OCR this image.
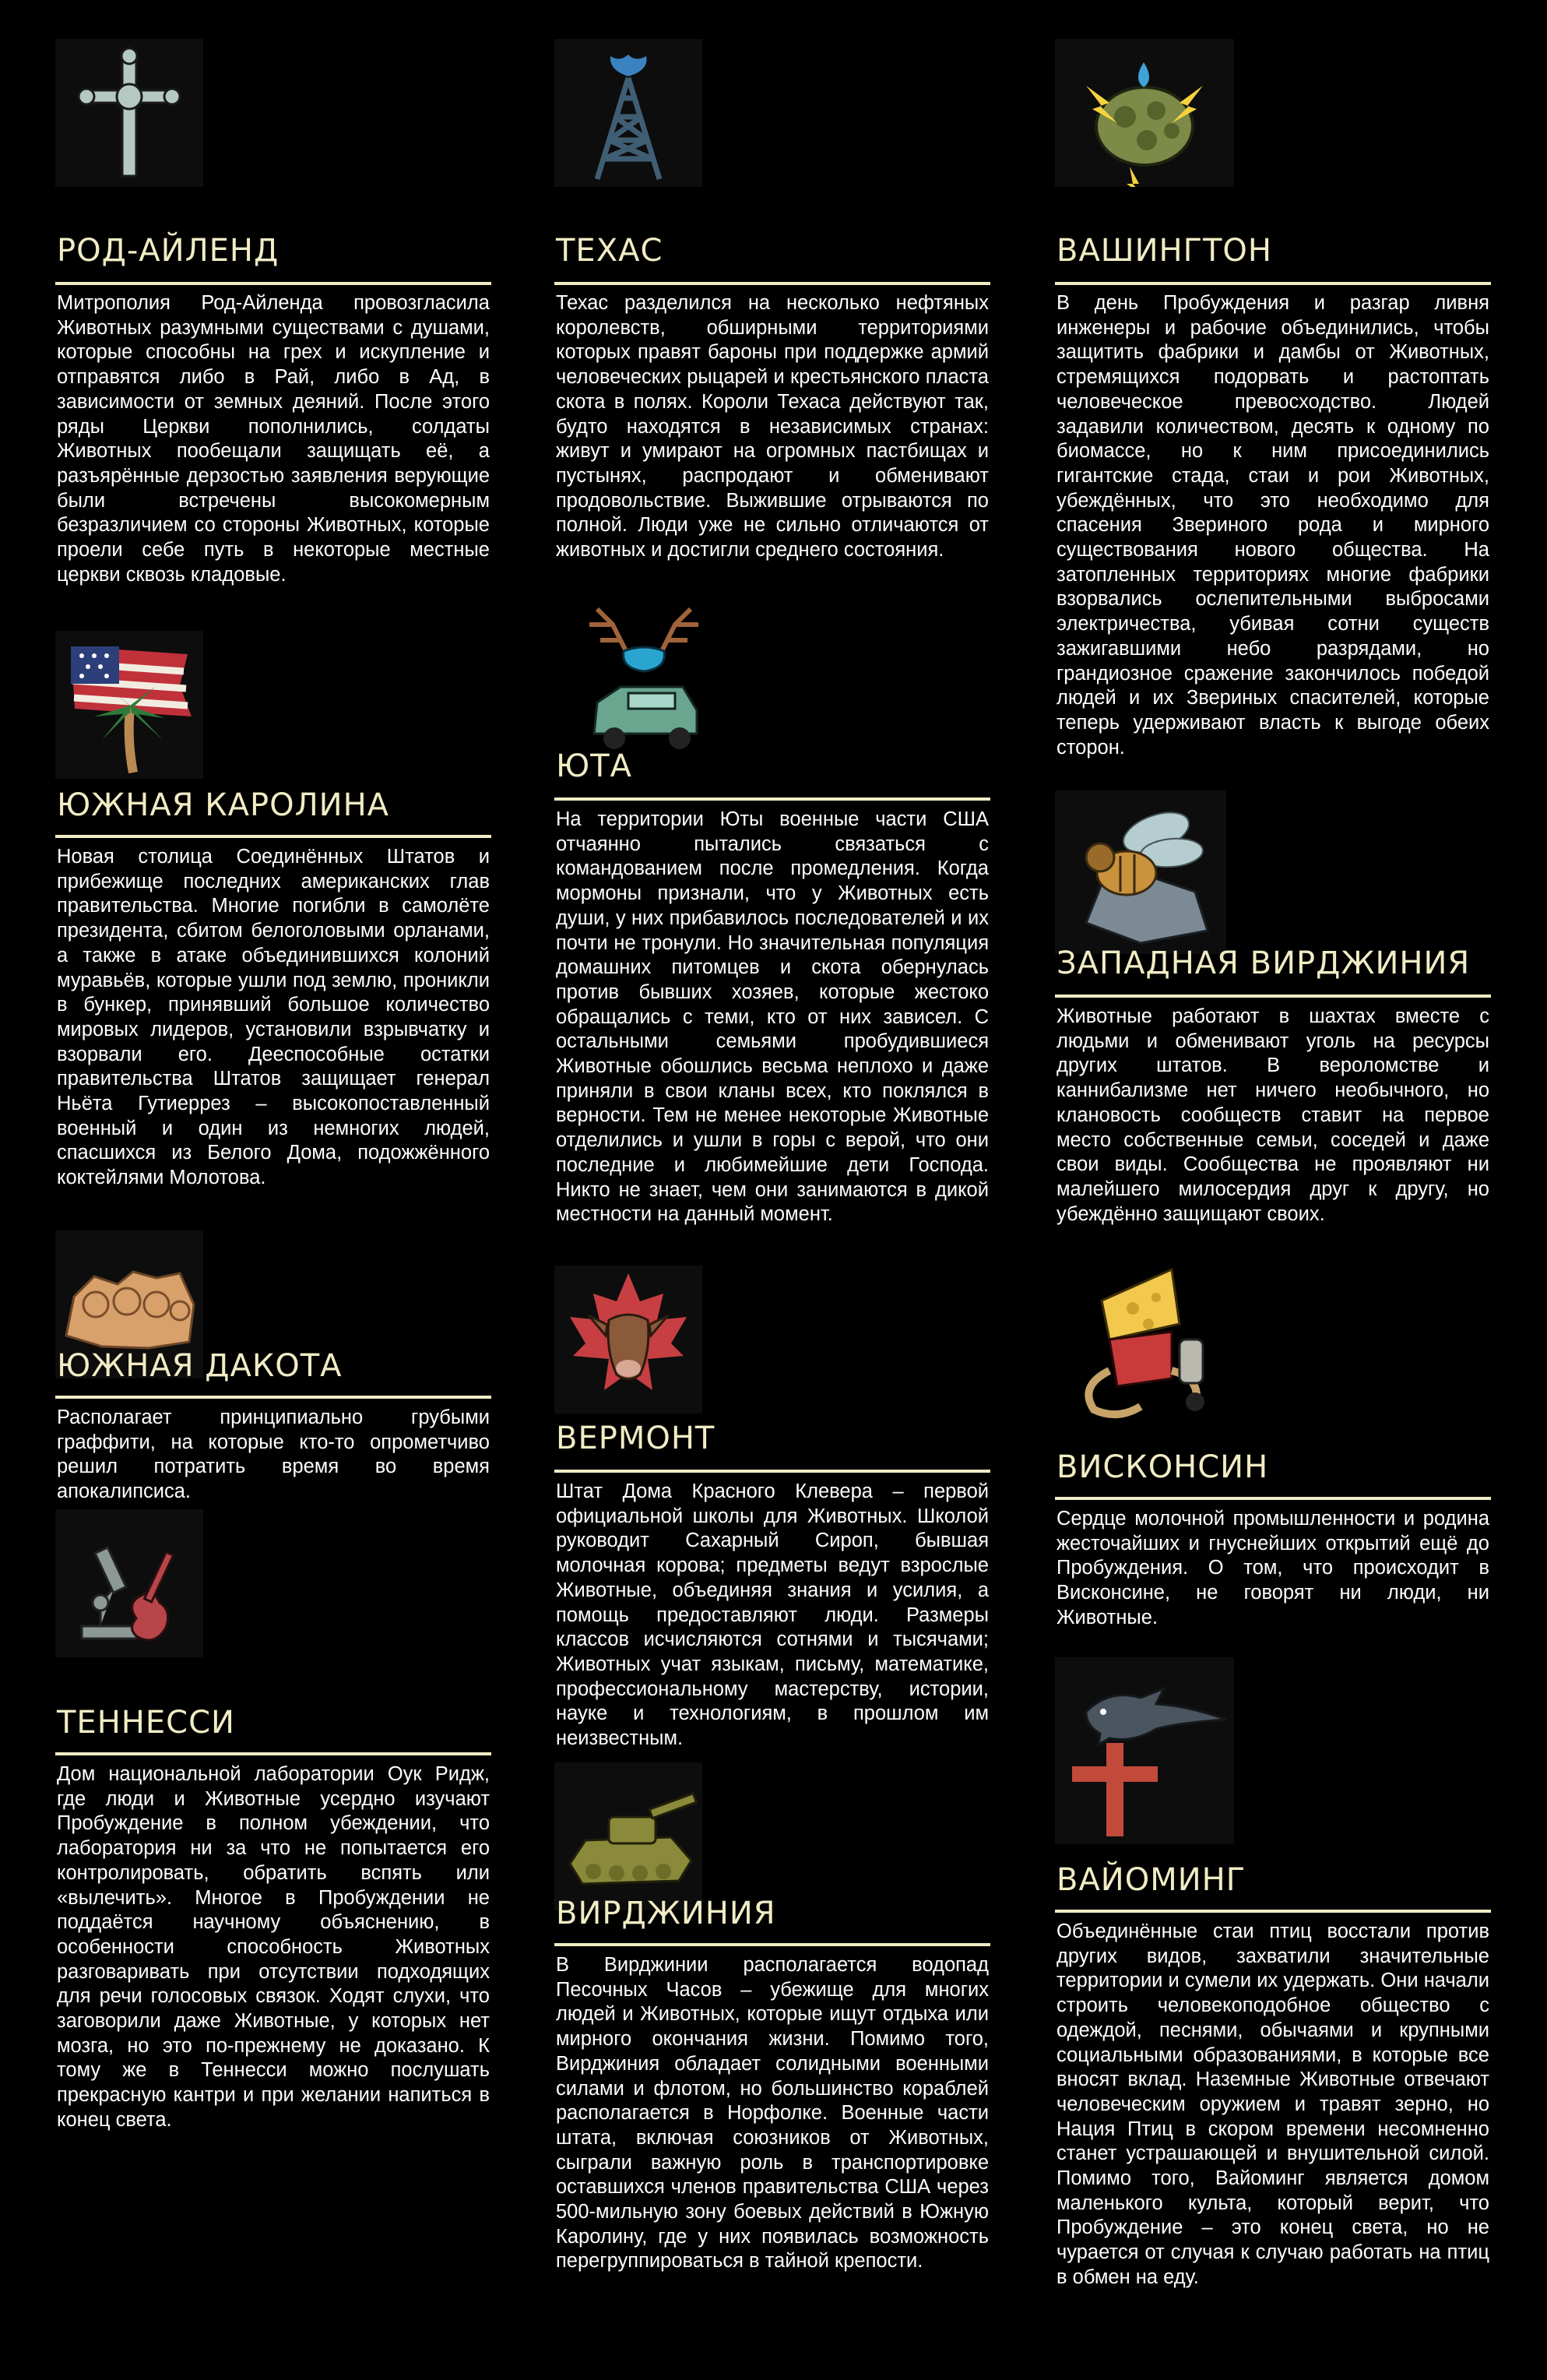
РОД-АЙЛЕНД
Митрополия Род-Айленда провозгласила Животных разумными существами с душами, которые способны на грех и искупление и отправятся либо в Рай, либо в Ад, в зависимости от земных деяний. После этого ряды Церкви пополнились, солдаты Животных пообещали защищать её, а разъярённые дерзостью заявления верующие были встречены высокомерным безразличием со стороны Животных, которые проели себе путь в некоторые местные церкви сквозь кладовые.
ЮЖНАЯ КАРОЛИНА
Новая столица Соединённых Штатов и прибежище последних американских глав правительства. Многие погибли в самолёте президента, сбитом белоголовыми орланами, а также в атаке объединившихся колоний муравьёв, которые ушли под землю, проникли в бункер, принявший большое количество мировых лидеров, установили взрывчатку и взорвали его. Дееспособные остатки правительства Штатов защищает генерал Ньёта Гутиеррез – высокопоставленный военный и один из немногих людей, спасшихся из Белого Дома, подожжённого коктейлями Молотова.
ЮЖНАЯ ДАКОТА
Располагает принципиально грубыми граффити, на которые кто-то опрометчиво решил потратить время во время апокалипсиса.
ТЕННЕССИ
Дом национальной лаборатории Оук Ридж, где люди и Животные усердно изучают Пробуждение в полном убеждении, что лаборатория ни за что не попытается его контролировать, обратить вспять или «вылечить». Многое в Пробуждении не поддаётся научному объяснению, в особенности способность Животных разговаривать при отсутствии подходящих для речи голосовых связок. Ходят слухи, что заговорили даже Животные, у которых нет мозга, но это по-прежнему не доказано. К тому же в Теннесси можно послушать прекрасную кантри и при желании напиться в конец света.
ТЕХАС
Техас разделился на несколько нефтяных королевств, обширными территориями которых правят бароны при поддержке армий человеческих рыцарей и крестьянского пласта скота в полях. Короли Техаса действуют так, будто находятся в независимых странах: живут и умирают на огромных пастбищах и пустынях, распродают и обменивают продовольствие. Выжившие отрываются по полной. Люди уже не сильно отличаются от животных и достигли среднего состояния.
ЮТА
На территории Юты военные части США отчаянно пытались связаться с командованием после промедления. Когда мормоны признали, что у Животных есть души, у них прибавилось последователей и их почти не тронули. Но значительная популяция домашних питомцев и скота обернулась против бывших хозяев, которые жестоко обращались с теми, кто от них зависел. С остальными семьями пробудившиеся Животные обошлись весьма неплохо и даже приняли в свои кланы всех, кто поклялся в верности. Тем не менее некоторые Животные отделились и ушли в горы с верой, что они последние и любимейшие дети Господа. Никто не знает, чем они занимаются в дикой местности на данный момент.
ВЕРМОНТ
Штат Дома Красного Клевера – первой официальной школы для Животных. Школой руководит Сахарный Сироп, бывшая молочная корова; предметы ведут взрослые Животные, объединяя знания и усилия, а помощь предоставляют люди. Размеры классов исчисляются сотнями и тысячами; Животных учат языкам, письму, математике, профессиональному мастерству, истории, науке и технологиям, в прошлом им неизвестным.
ВИРДЖИНИЯ
В Вирджинии располагается водопад Песочных Часов – убежище для многих людей и Животных, которые ищут отдыха или мирного окончания жизни. Помимо того, Вирджиния обладает солидными военными силами и флотом, но большинство кораблей располагается в Норфолке. Военные части штата, включая союзников от Животных, сыграли важную роль в транспортировке оставшихся членов правительства США через 500-мильную зону боевых действий в Южную Каролину, где у них появилась возможность перегруппироваться в тайной крепости.
ВАШИНГТОН
В день Пробуждения и разгар ливня инженеры и рабочие объединились, чтобы защитить фабрики и дамбы от Животных, стремящихся подорвать и растоптать человеческое превосходство. Людей задавили количеством, десять к одному по биомассе, но к ним присоединились гигантские стада, стаи и рои Животных, убеждённых, что это необходимо для спасения Звериного рода и мирного существования нового общества. На затопленных территориях многие фабрики взорвались ослепительными выбросами электричества, убивая сотни существ зажигавшими небо разрядами, но грандиозное сражение закончилось победой людей и их Звериных спасителей, которые теперь удерживают власть к выгоде обеих сторон.
ЗАПАДНАЯ ВИРДЖИНИЯ
Животные работают в шахтах вместе с людьми и обменивают уголь на ресурсы других штатов. В вероломстве и каннибализме нет ничего необычного, но клановость сообществ ставит на первое место собственные семьи, соседей и даже свои виды. Сообщества не проявляют ни малейшего милосердия друг к другу, но убеждённо защищают своих.
ВИСКОНСИН
Сердце молочной промышленности и родина жесточайших и гнуснейших открытий ещё до Пробуждения. О том, что происходит в Висконсине, не говорят ни люди, ни Животные.
ВАЙОМИНГ
Объединённые стаи птиц восстали против других видов, захватили значительные территории и сумели их удержать. Они начали строить человекоподобное общество с одеждой, песнями, обычаями и крупными социальными образованиями, в которые все вносят вклад. Наземные Животные отвечают человеческим оружием и травят зерно, но Нация Птиц в скором времени несомненно станет устрашающей и внушительной силой. Помимо того, Вайоминг является домом маленького культа, который верит, что Пробуждение – это конец света, но не чурается от случая к случаю работать на птиц в обмен на еду.
